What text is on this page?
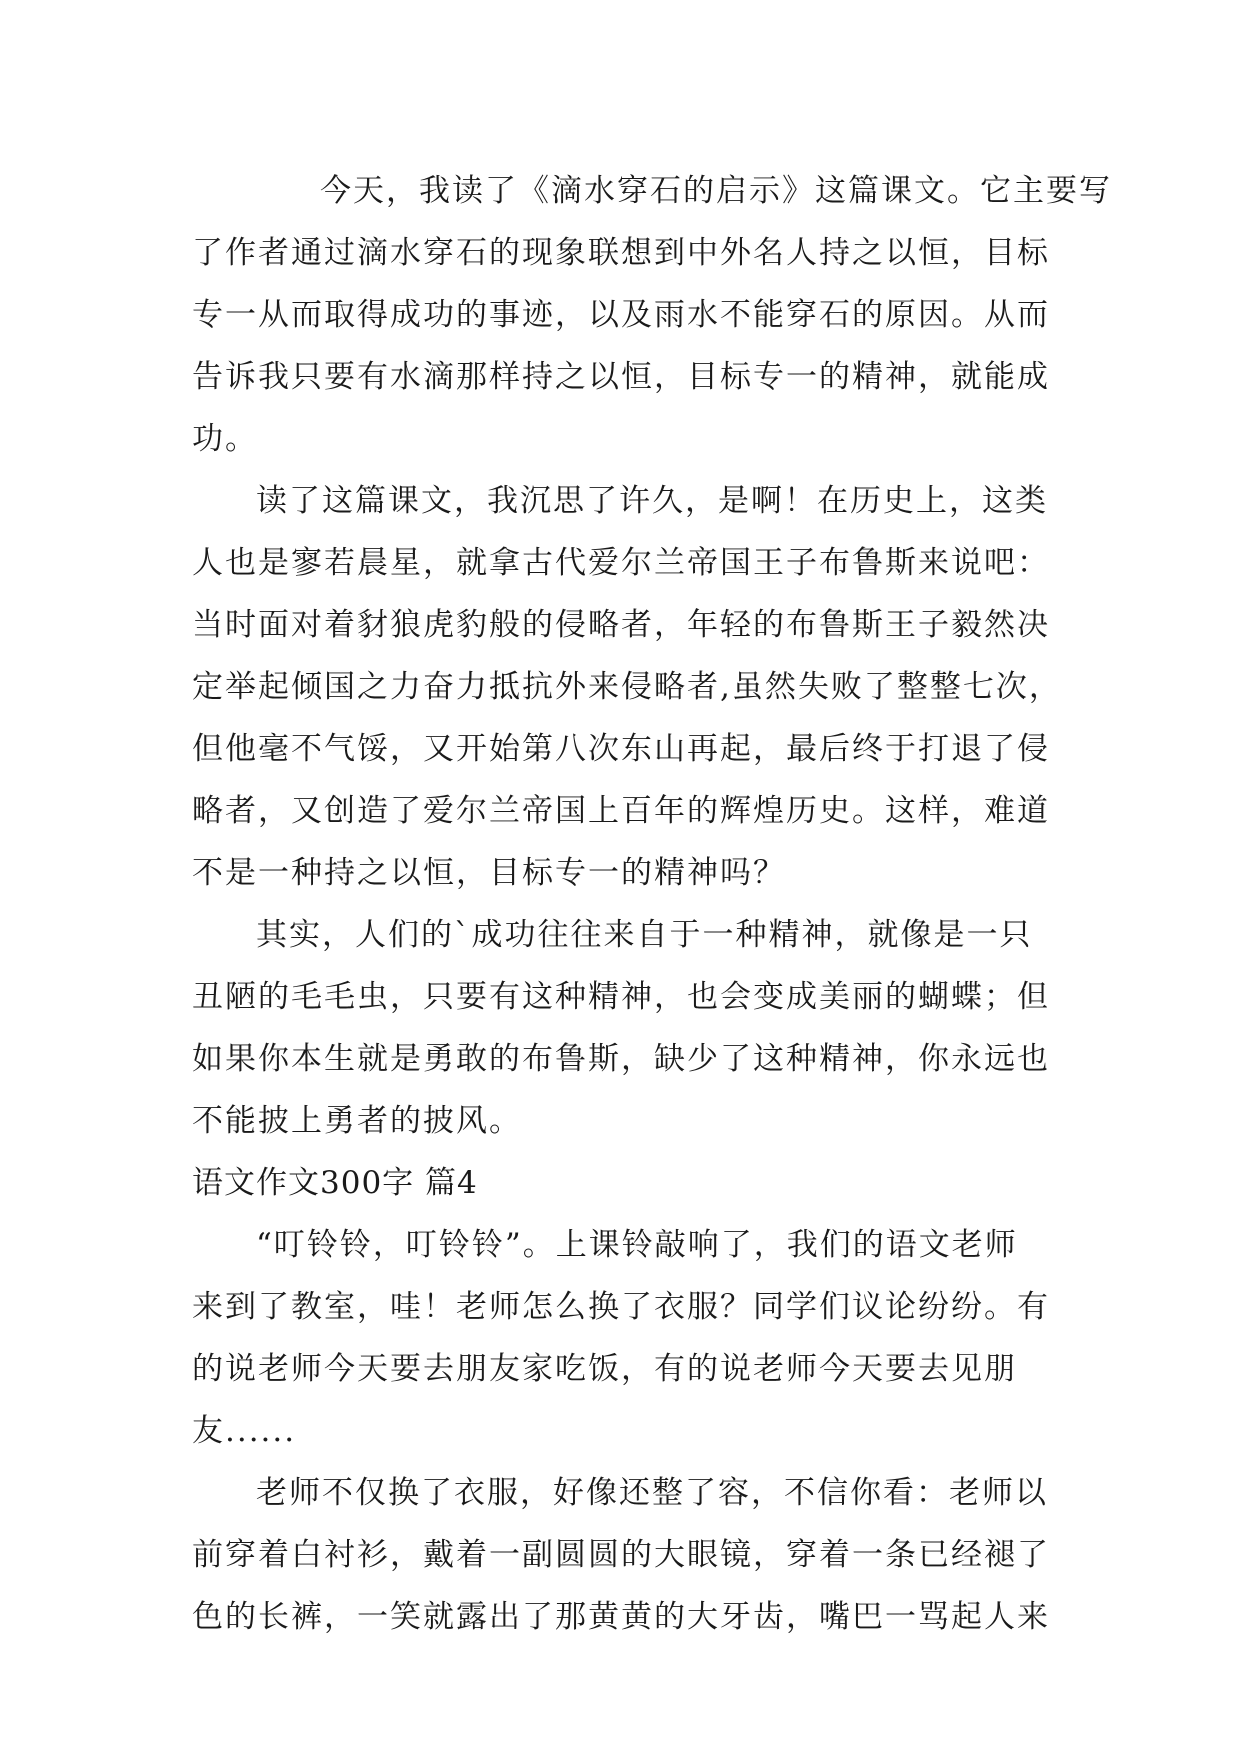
今天，我读了《滴水穿石的启示》这篇课文。它主要写
了作者通过滴水穿石的现象联想到中外名人持之以恒，目标
专一从而取得成功的事迹，以及雨水不能穿石的原因。从而
告诉我只要有水滴那样持之以恒，目标专一的精神，就能成
功。
读了这篇课文，我沉思了许久，是啊！在历史上，这类
人也是寥若晨星，就拿古代爱尔兰帝国王子布鲁斯来说吧：
当时面对着豺狼虎豹般的侵略者，年轻的布鲁斯王子毅然决
定举起倾国之力奋力抵抗外来侵略者,虽然失败了整整七次，
但他毫不气馁，又开始第八次东山再起，最后终于打退了侵
略者，又创造了爱尔兰帝国上百年的辉煌历史。这样，难道
不是一种持之以恒，目标专一的精神吗？
其实，人们的`成功往往来自于一种精神，就像是一只
丑陋的毛毛虫，只要有这种精神，也会变成美丽的蝴蝶；但
如果你本生就是勇敢的布鲁斯，缺少了这种精神，你永远也
不能披上勇者的披风。
语文作文300字 篇4
“叮铃铃，叮铃铃”。上课铃敲响了，我们的语文老师
来到了教室，哇！老师怎么换了衣服？同学们议论纷纷。有
的说老师今天要去朋友家吃饭，有的说老师今天要去见朋
友......
老师不仅换了衣服，好像还整了容，不信你看：老师以
前穿着白衬衫，戴着一副圆圆的大眼镜，穿着一条已经褪了
色的长裤，一笑就露出了那黄黄的大牙齿，嘴巴一骂起人来
